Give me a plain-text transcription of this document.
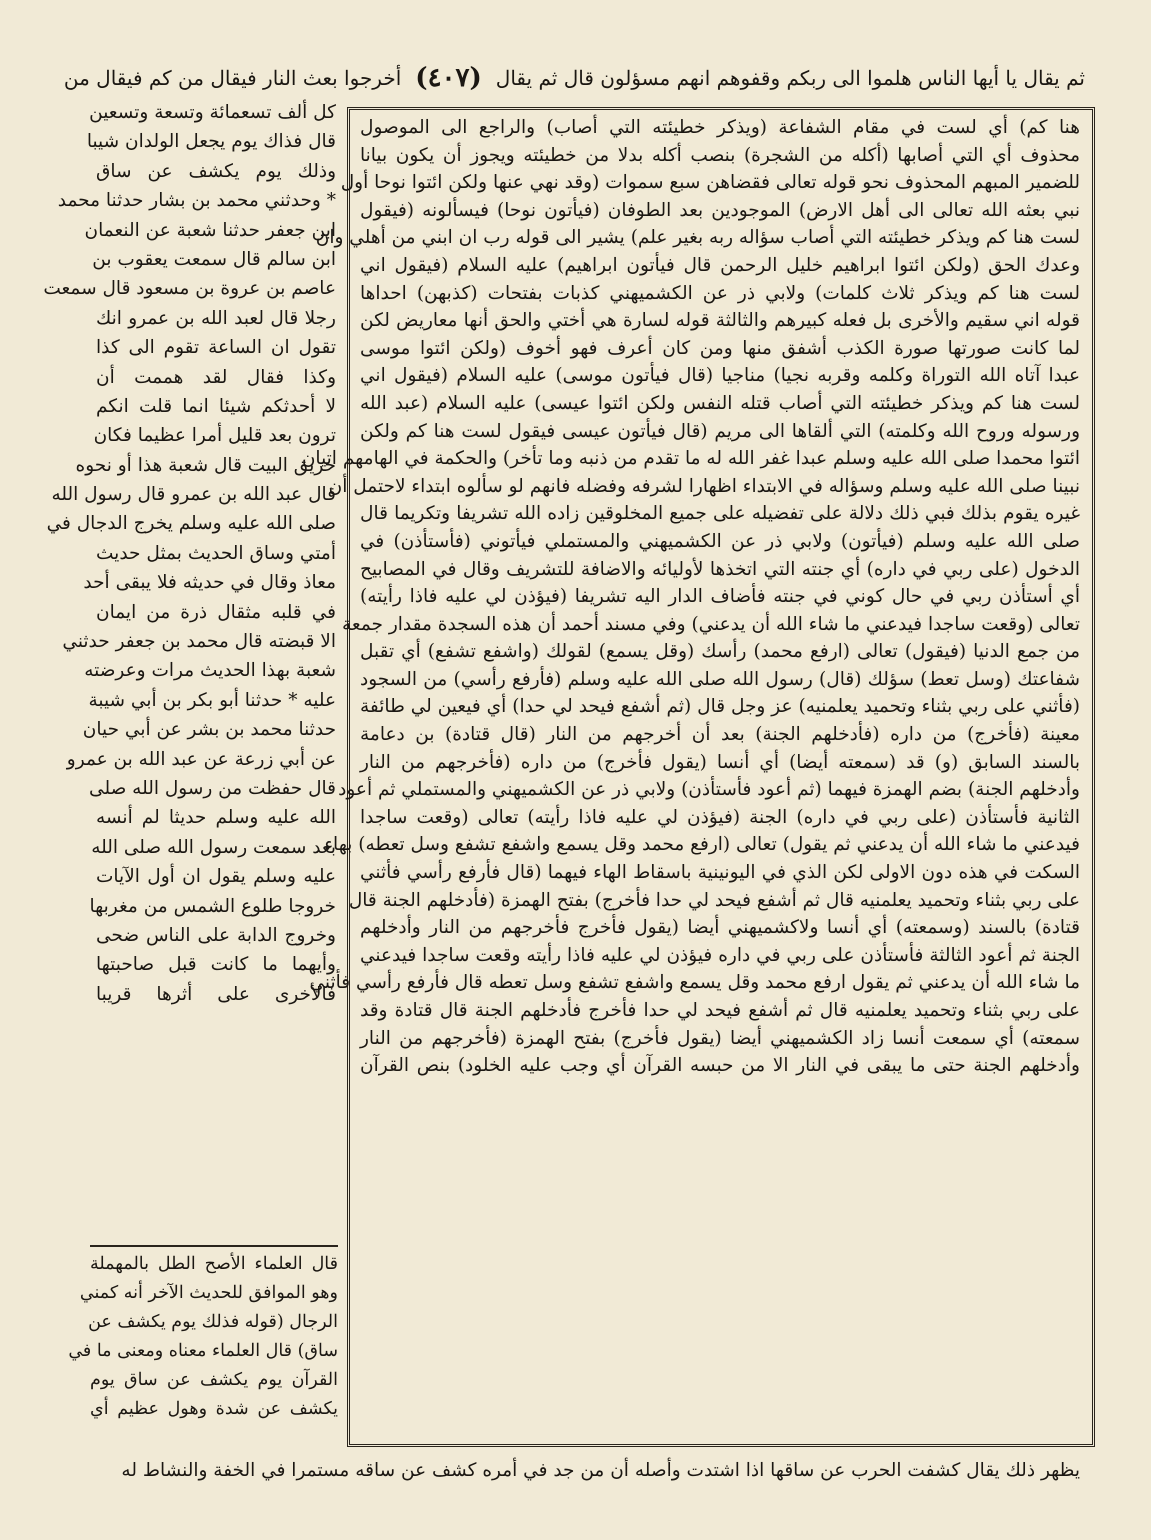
ثم يقال يا أيها الناس هلموا الى ربكم وقفوهم انهم مسؤلون قال ثم يقال
(٤٠٧)
أخرجوا بعث النار فيقال من كم فيقال من
هنا كم) أي لست في مقام الشفاعة (ويذكر خطيئته التي أصاب) والراجع الى الموصول
محذوف أي التي أصابها (أكله من الشجرة) بنصب أكله بدلا من خطيئته ويجوز أن يكون بيانا
للضمير المبهم المحذوف نحو قوله تعالى فقضاهن سبع سموات (وقد نهي عنها ولكن ائتوا نوحا أول
نبي بعثه الله تعالى الى أهل الارض) الموجودين بعد الطوفان (فيأتون نوحا) فيسألونه (فيقول
لست هنا كم ويذكر خطيئته التي أصاب سؤاله ربه بغير علم) يشير الى قوله رب ان ابني من أهلي وان
وعدك الحق (ولكن ائتوا ابراهيم خليل الرحمن قال فيأتون ابراهيم) عليه السلام (فيقول اني
لست هنا كم ويذكر ثلاث كلمات) ولابي ذر عن الكشميهني كذبات بفتحات (كذبهن) احداها
قوله اني سقيم والأخرى بل فعله كبيرهم والثالثة قوله لسارة هي أختي والحق أنها معاريض لكن
لما كانت صورتها صورة الكذب أشفق منها ومن كان أعرف فهو أخوف (ولكن ائتوا موسى
عبدا آتاه الله التوراة وكلمه وقربه نجيا) مناجيا (قال فيأتون موسى) عليه السلام (فيقول اني
لست هنا كم ويذكر خطيئته التي أصاب قتله النفس ولكن ائتوا عيسى) عليه السلام (عبد الله
ورسوله وروح الله وكلمته) التي ألقاها الى مريم (قال فيأتون عيسى فيقول لست هنا كم ولكن
ائتوا محمدا صلى الله عليه وسلم عبدا غفر الله له ما تقدم من ذنبه وما تأخر) والحكمة في الهامهم اتيان
نبينا صلى الله عليه وسلم وسؤاله في الابتداء اظهارا لشرفه وفضله فانهم لو سألوه ابتداء لاحتمل أن
غيره يقوم بذلك فبي ذلك دلالة على تفضيله على جميع المخلوقين زاده الله تشريفا وتكريما قال
صلى الله عليه وسلم (فيأتون) ولابي ذر عن الكشميهني والمستملي فيأتوني (فأستأذن) في
الدخول (على ربي في داره) أي جنته التي اتخذها لأوليائه والاضافة للتشريف وقال في المصابيح
أي أستأذن ربي في حال كوني في جنته فأضاف الدار اليه تشريفا (فيؤذن لي عليه فاذا رأيته)
تعالى (وقعت ساجدا فيدعني ما شاء الله أن يدعني) وفي مسند أحمد أن هذه السجدة مقدار جمعة
من جمع الدنيا (فيقول) تعالى (ارفع محمد) رأسك (وقل يسمع) لقولك (واشفع تشفع) أي تقبل
شفاعتك (وسل تعط) سؤلك (قال) رسول الله صلى الله عليه وسلم (فأرفع رأسي) من السجود
(فأثني على ربي بثناء وتحميد يعلمنيه) عز وجل قال (ثم أشفع فيحد لي حدا) أي فيعين لي طائفة
معينة (فأخرج) من داره (فأدخلهم الجنة) بعد أن أخرجهم من النار (قال قتادة) بن دعامة
بالسند السابق (و) قد (سمعته أيضا) أي أنسا (يقول فأخرج) من داره (فأخرجهم من النار
وأدخلهم الجنة) بضم الهمزة فيهما (ثم أعود فأستأذن) ولابي ذر عن الكشميهني والمستملي ثم أعود
الثانية فأستأذن (على ربي في داره) الجنة (فيؤذن لي عليه فاذا رأيته) تعالى (وقعت ساجدا
فيدعني ما شاء الله أن يدعني ثم يقول) تعالى (ارفع محمد وقل يسمع واشفع تشفع وسل تعطه) بهاء
السكت في هذه دون الاولى لكن الذي في اليونينية باسقاط الهاء فيهما (قال فأرفع رأسي فأثني
على ربي بثناء وتحميد يعلمنيه قال ثم أشفع فيحد لي حدا فأخرج) بفتح الهمزة (فأدخلهم الجنة قال
قتادة) بالسند (وسمعته) أي أنسا ولاكشميهني أيضا (يقول فأخرج فأخرجهم من النار وأدخلهم
الجنة ثم أعود الثالثة فأستأذن على ربي في داره فيؤذن لي عليه فاذا رأيته وقعت ساجدا فيدعني
ما شاء الله أن يدعني ثم يقول ارفع محمد وقل يسمع واشفع تشفع وسل تعطه قال فأرفع رأسي فأثني
على ربي بثناء وتحميد يعلمنيه قال ثم أشفع فيحد لي حدا فأخرج فأدخلهم الجنة قال قتادة وقد
سمعته) أي سمعت أنسا زاد الكشميهني أيضا (يقول فأخرج) بفتح الهمزة (فأخرجهم من النار
وأدخلهم الجنة حتى ما يبقى في النار الا من حبسه القرآن أي وجب عليه الخلود) بنص القرآن
كل ألف تسعمائة وتسعة وتسعين
قال فذاك يوم يجعل الولدان شيبا
وذلك يوم يكشف عن ساق
* وحدثني محمد بن بشار حدثنا محمد
ابن جعفر حدثنا شعبة عن النعمان
ابن سالم قال سمعت يعقوب بن
عاصم بن عروة بن مسعود قال سمعت
رجلا قال لعبد الله بن عمرو انك
تقول ان الساعة تقوم الى كذا
وكذا فقال لقد هممت أن
لا أحدثكم شيئا انما قلت انكم
ترون بعد قليل أمرا عظيما فكان
حريق البيت قال شعبة هذا أو نحوه
قال عبد الله بن عمرو قال رسول الله
صلى الله عليه وسلم يخرج الدجال في
أمتي وساق الحديث بمثل حديث
معاذ وقال في حديثه فلا يبقى أحد
في قلبه مثقال ذرة من ايمان
الا قبضته قال محمد بن جعفر حدثني
شعبة بهذا الحديث مرات وعرضته
عليه * حدثنا أبو بكر بن أبي شيبة
حدثنا محمد بن بشر عن أبي حيان
عن أبي زرعة عن عبد الله بن عمرو
قال حفظت من رسول الله صلى
الله عليه وسلم حديثا لم أنسه
بعد سمعت رسول الله صلى الله
عليه وسلم يقول ان أول الآيات
خروجا طلوع الشمس من مغربها
وخروج الدابة على الناس ضحى
وأيهما ما كانت قبل صاحبتها
فالأخرى على أثرها قريبا
قال العلماء الأصح الطل بالمهملة
وهو الموافق للحديث الآخر أنه كمني
الرجال (قوله فذلك يوم يكشف عن
ساق) قال العلماء معناه ومعنى ما في
القرآن يوم يكشف عن ساق يوم
يكشف عن شدة وهول عظيم أي
يظهر ذلك يقال كشفت الحرب عن ساقها اذا اشتدت وأصله أن من جد في أمره كشف عن ساقه مستمرا في الخفة والنشاط له
